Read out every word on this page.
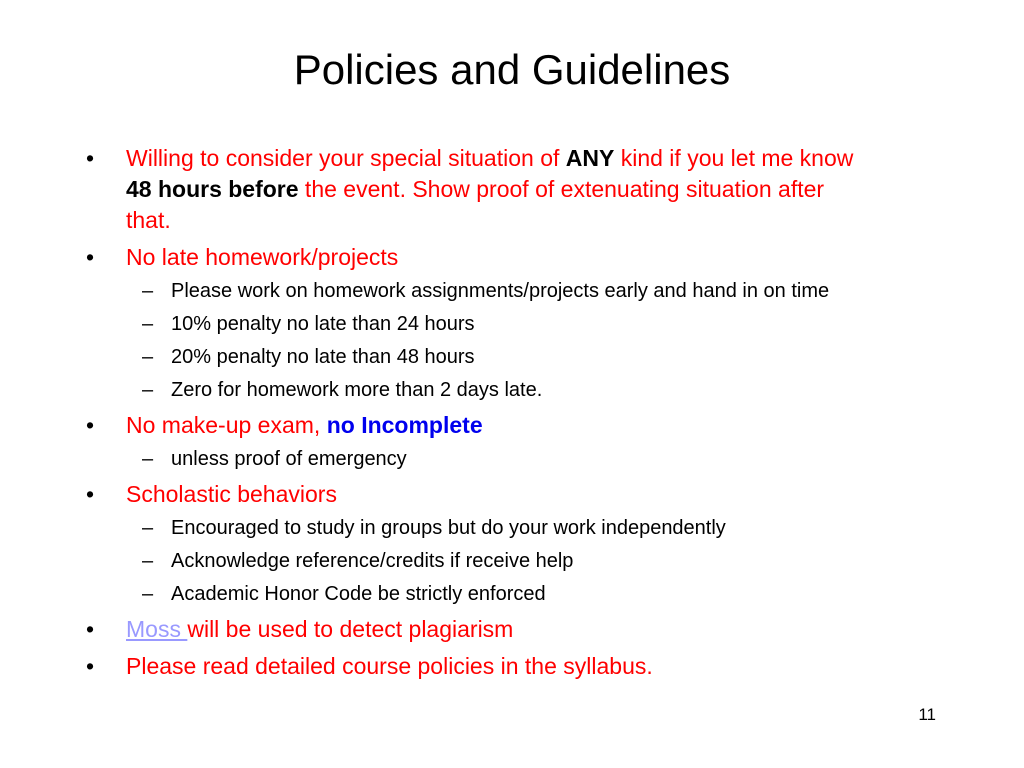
Policies and Guidelines
• Willing to consider your special situation of ANY kind if you let me know
48 hours before the event. Show proof of extenuating situation after
that.
• No late homework/projects
– Please work on homework assignments/projects early and hand in on time
– 10% penalty no late than 24 hours
– 20% penalty no late than 48 hours
– Zero for homework more than 2 days late.
• No make-up exam, no Incomplete
– unless proof of emergency
• Scholastic behaviors
– Encouraged to study in groups but do your work independently
– Acknowledge reference/credits if receive help
– Academic Honor Code be strictly enforced
• Moss will be used to detect plagiarism
• Please read detailed course policies in the syllabus.
11
